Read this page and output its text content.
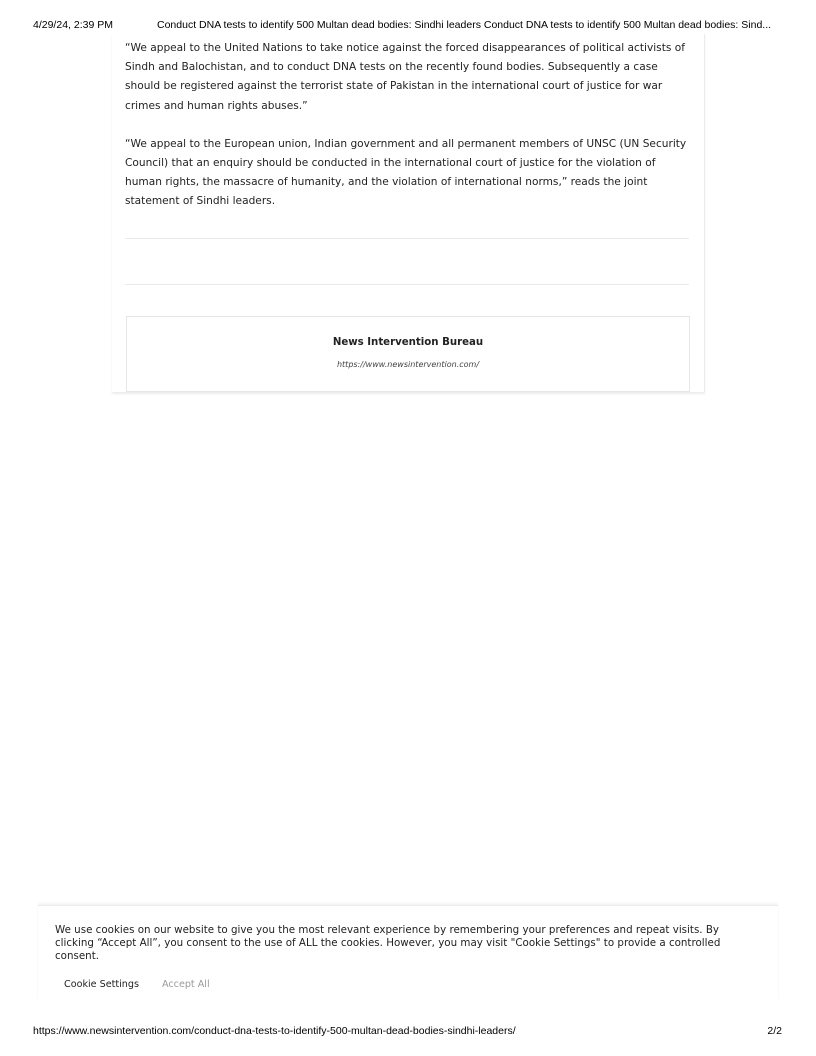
4/29/24, 2:39 PM	Conduct DNA tests to identify 500 Multan dead bodies: Sindhi leaders Conduct DNA tests to identify 500 Multan dead bodies: Sind...

“We appeal to the United Nations to take notice against the forced disappearances of political activists of Sindh and Balochistan, and to conduct DNA tests on the recently found bodies. Subsequently a case should be registered against the terrorist state of Pakistan in the international court of justice for war crimes and human rights abuses.”

“We appeal to the European union, Indian government and all permanent members of UNSC (UN Security Council) that an enquiry should be conducted in the international court of justice for the violation of human rights, the massacre of humanity, and the violation of international norms,” reads the joint statement of Sindhi leaders.

News Intervention Bureau
https://www.newsintervention.com/
We use cookies on our website to give you the most relevant experience by remembering your preferences and repeat visits. By clicking “Accept All”, you consent to the use of ALL the cookies. However, you may visit "Cookie Settings" to provide a controlled consent.
Cookie Settings Accept All
https://www.newsintervention.com/conduct-dna-tests-to-identify-500-multan-dead-bodies-sindhi-leaders/	2/2
